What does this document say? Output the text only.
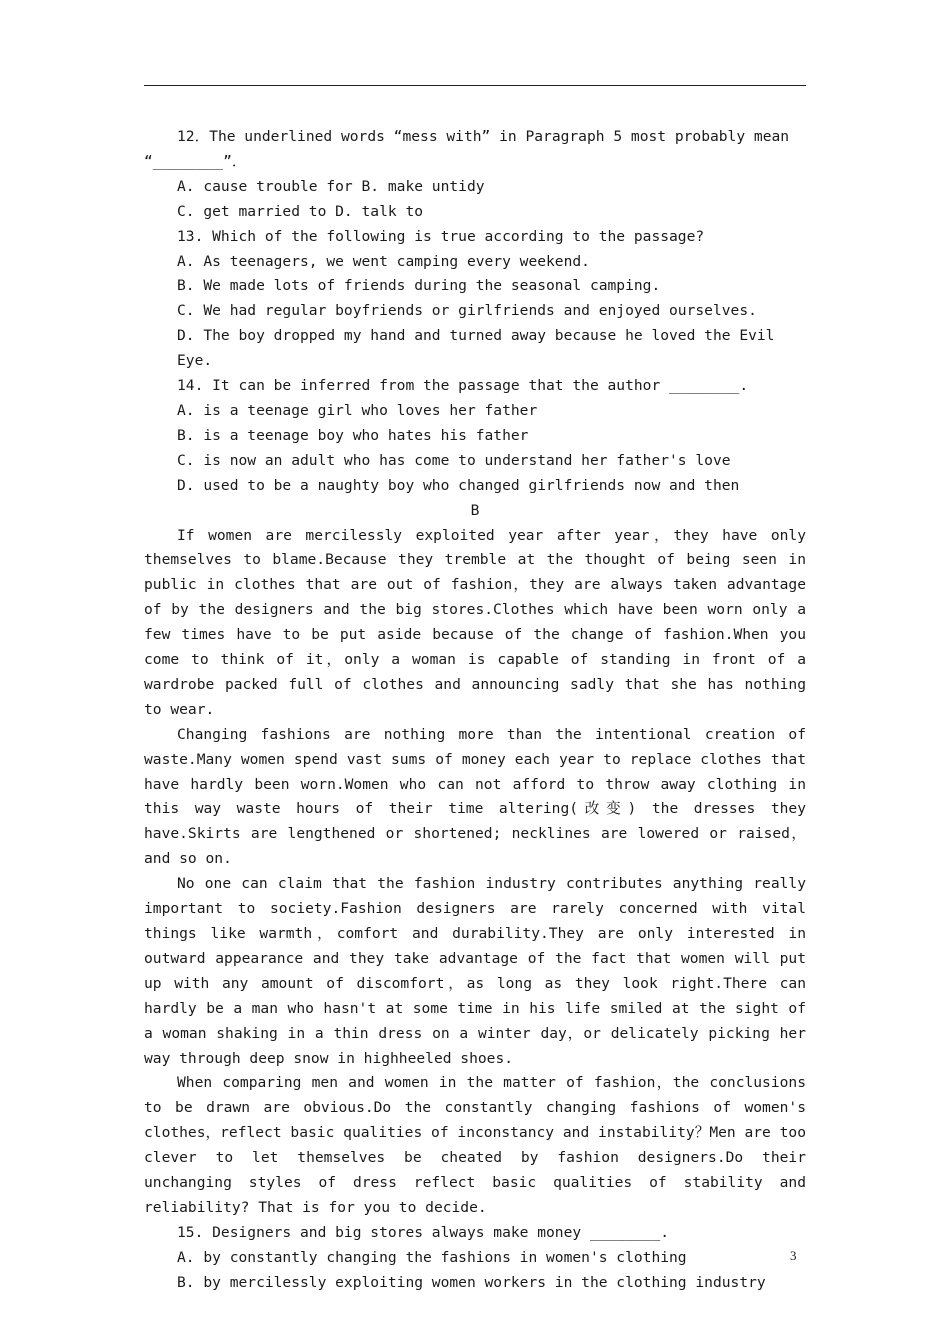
12．The underlined words “mess with” in Paragraph 5 most probably mean “________”．

A. cause trouble for B. make untidy

C. get married to D. talk to

13. Which of the following is true according to the passage?

A. As teenagers, we went camping every weekend.

B. We made lots of friends during the seasonal camping.

C. We had regular boyfriends or girlfriends and enjoyed ourselves.

D. The boy dropped my hand and turned away because he loved the Evil Eye.

14. It can be inferred from the passage that the author ________.

A. is a teenage girl who loves her father

B. is a teenage boy who hates his father

C. is now an adult who has come to understand her father's love

D. used to be a naughty boy who changed girlfriends now and then

B

If women are mercilessly exploited year after year，they have only themselves to blame.Because they tremble at the thought of being seen in public in clothes that are out of fashion，they are always taken advantage of by the designers and the big stores.Clothes which have been worn only a few times have to be put aside because of the change of fashion.When you come to think of it，only a woman is capable of standing in front of a wardrobe packed full of clothes and announcing sadly that she has nothing to wear.

Changing fashions are nothing more than the intentional creation of waste.Many women spend vast sums of money each year to replace clothes that have hardly been worn.Women who can not afford to throw away clothing in this way waste hours of their time altering(改变) the dresses they have.Skirts are lengthened or shortened; necklines are lowered or raised，and so on.

No one can claim that the fashion industry contributes anything really important to society.Fashion designers are rarely concerned with vital things like warmth，comfort and durability.They are only interested in outward appearance and they take advantage of the fact that women will put up with any amount of discomfort，as long as they look right.There can hardly be a man who hasn't at some time in his life smiled at the sight of a woman shaking in a thin dress on a winter day，or delicately picking her way through deep snow in highheeled shoes.

When comparing men and women in the matter of fashion，the conclusions to be drawn are obvious.Do the constantly changing fashions of women's clothes，reflect basic qualities of inconstancy and instability？Men are too clever to let themselves be cheated by fashion designers.Do their unchanging styles of dress reflect basic qualities of stability and reliability? That is for you to decide.

15. Designers and big stores always make money ________.

A. by constantly changing the fashions in women's clothing

B. by mercilessly exploiting women workers in the clothing industry

3
